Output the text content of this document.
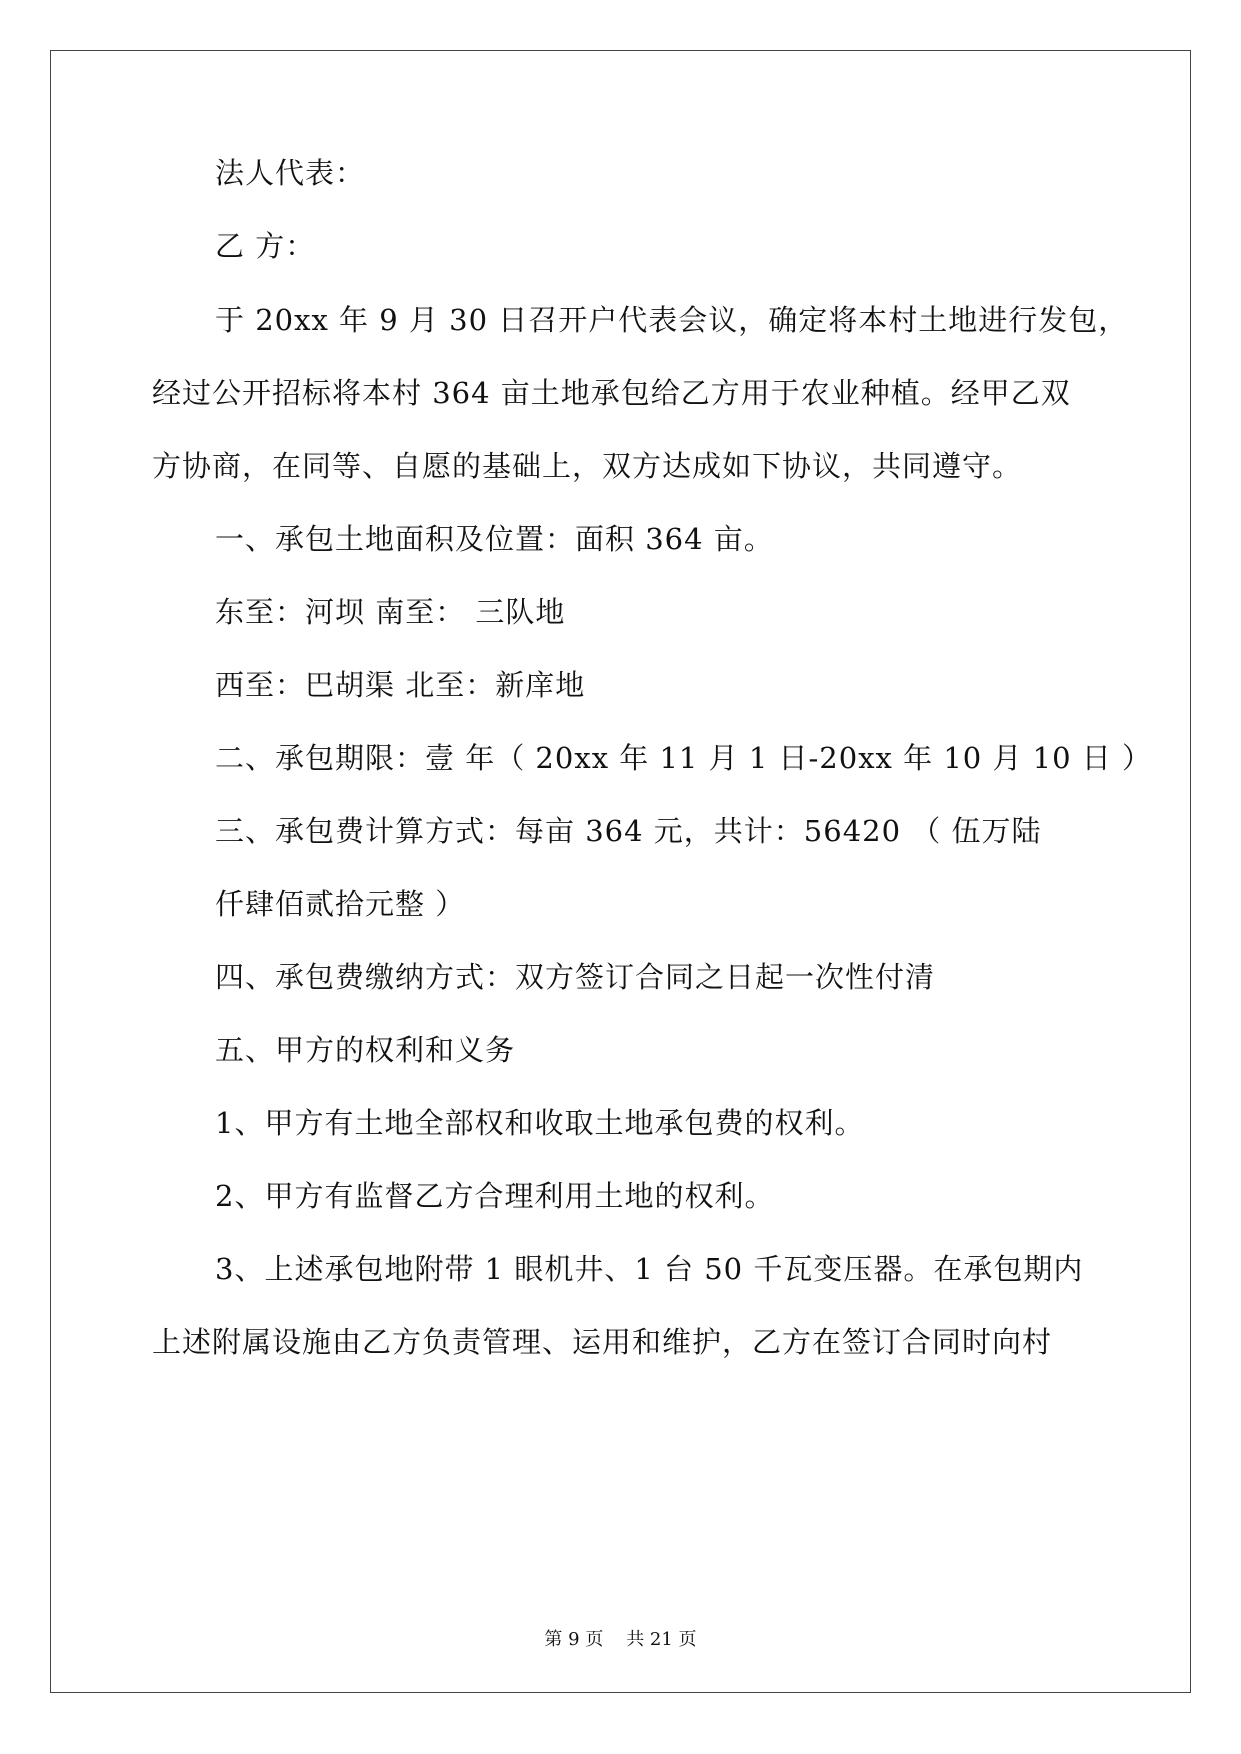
法人代表：
乙 方：
于 20xx 年 9 月 30 日召开户代表会议，确定将本村土地进行发包，
经过公开招标将本村 364 亩土地承包给乙方用于农业种植。经甲乙双
方协商，在同等、自愿的基础上，双方达成如下协议，共同遵守。
一、承包土地面积及位置：面积 364 亩。
东至：河坝 南至： 三队地
西至：巴胡渠 北至：新庠地
二、承包期限：壹 年（ 20xx 年 11 月 1 日-20xx 年 10 月 10 日 ）
三、承包费计算方式：每亩 364 元，共计：56420 （ 伍万陆
仟肆佰贰拾元整 ）
四、承包费缴纳方式：双方签订合同之日起一次性付清
五、甲方的权利和义务
1、甲方有土地全部权和收取土地承包费的权利。
2、甲方有监督乙方合理利用土地的权利。
3、上述承包地附带 1 眼机井、1 台 50 千瓦变压器。在承包期内
上述附属设施由乙方负责管理、运用和维护，乙方在签订合同时向村
第 9 页    共 21 页
